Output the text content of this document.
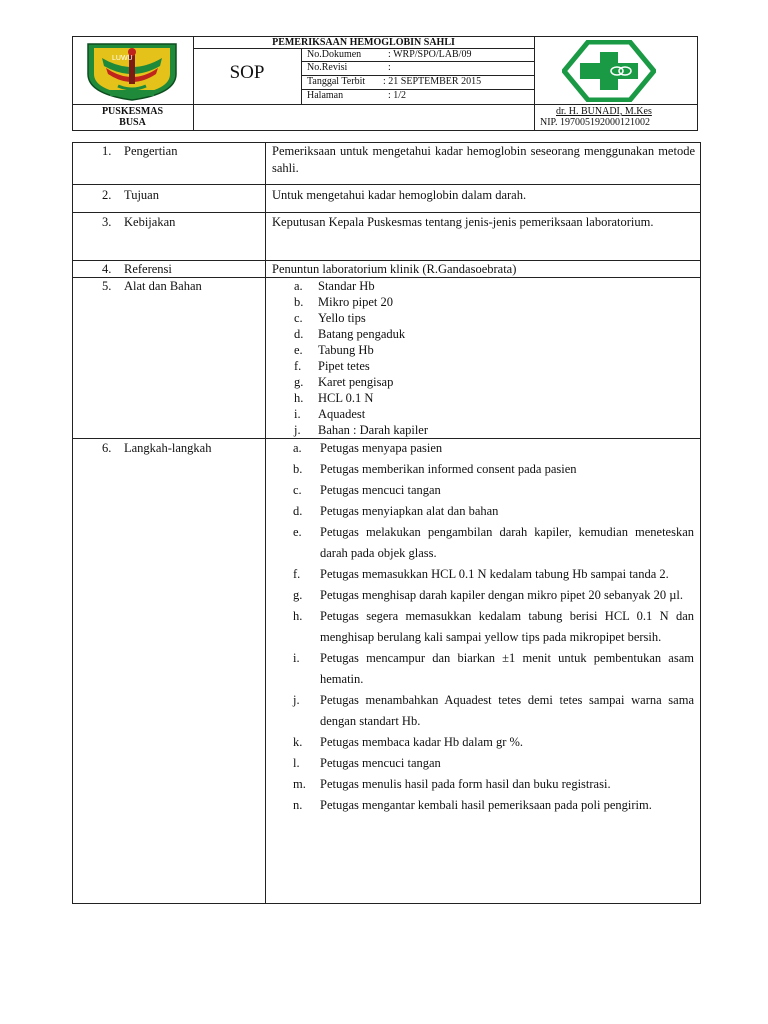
LUWU
PUSKESMAS
BUSA
PEMERIKSAAN HEMOGLOBIN SAHLI
SOP
No.Dokumen	: WRP/SPO/LAB/09
No.Revisi	:
Tanggal Terbit : 21 SEPTEMBER 2015
Halaman	: 1/2
dr. H. BUNADI, M.Kes
NIP. 197005192000121002
1. Pengertian	Pemeriksaan untuk mengetahui kadar hemoglobin seseorang menggunakan metode sahli.
2. Tujuan	Untuk mengetahui kadar hemoglobin dalam darah.
3. Kebijakan	Keputusan Kepala Puskesmas tentang jenis-jenis pemeriksaan laboratorium.
4. Referensi	Penuntun laboratorium klinik (R.Gandasoebrata)
5. Alat dan Bahan	a. Standar Hb
b. Mikro pipet 20
c. Yello tips
d. Batang pengaduk
e. Tabung Hb
f. Pipet tetes
g. Karet pengisap
h. HCL 0.1 N
i. Aquadest
j. Bahan : Darah kapiler
6. Langkah-langkah	a. Petugas menyapa pasien
b. Petugas memberikan informed consent pada pasien
c. Petugas mencuci tangan
d. Petugas menyiapkan alat dan bahan
e. Petugas melakukan pengambilan darah kapiler, kemudian meneteskan darah pada objek glass.
f. Petugas memasukkan HCL 0.1 N kedalam tabung Hb sampai tanda 2.
g. Petugas menghisap darah kapiler dengan mikro pipet 20 sebanyak 20 µl.
h. Petugas segera memasukkan kedalam tabung berisi HCL 0.1 N dan menghisap berulang kali sampai yellow tips pada mikropipet bersih.
i. Petugas mencampur dan biarkan ±1 menit untuk pembentukan asam hematin.
j. Petugas menambahkan Aquadest tetes demi tetes sampai warna sama dengan standart Hb.
k. Petugas membaca kadar Hb dalam gr %.
l. Petugas mencuci tangan
m. Petugas menulis hasil pada form hasil dan buku registrasi.
n. Petugas mengantar kembali hasil pemeriksaan pada poli pengirim.
